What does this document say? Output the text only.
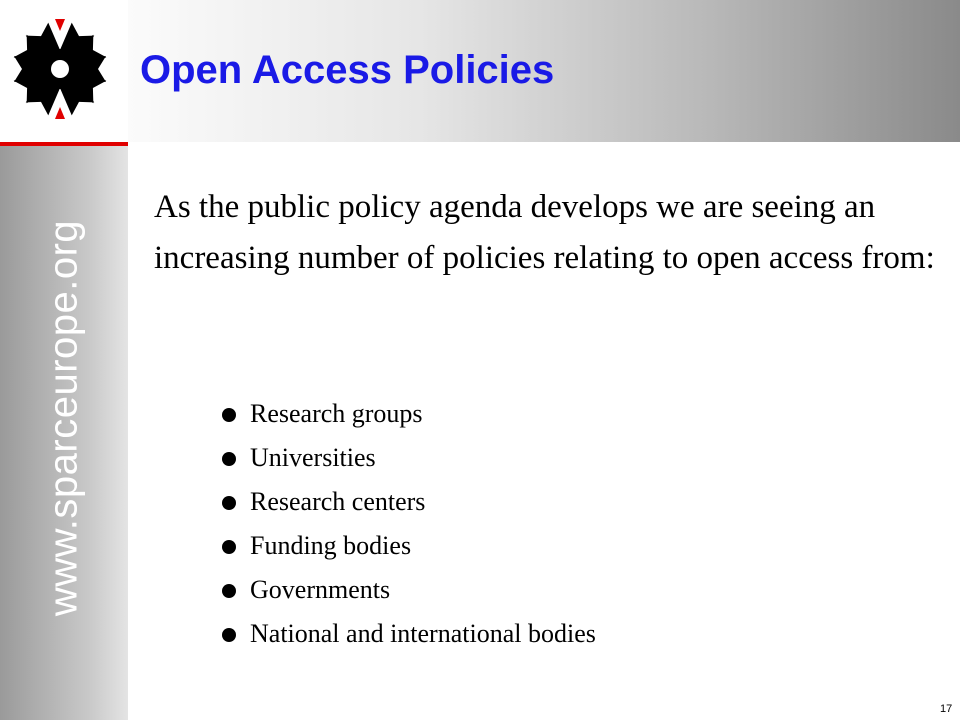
www.sparceurope.org
Open Access Policies

As the public policy agenda develops we are seeing an increasing number of policies relating to open access from:

Research groups
Universities
Research centers
Funding bodies
Governments
National and international bodies
17
